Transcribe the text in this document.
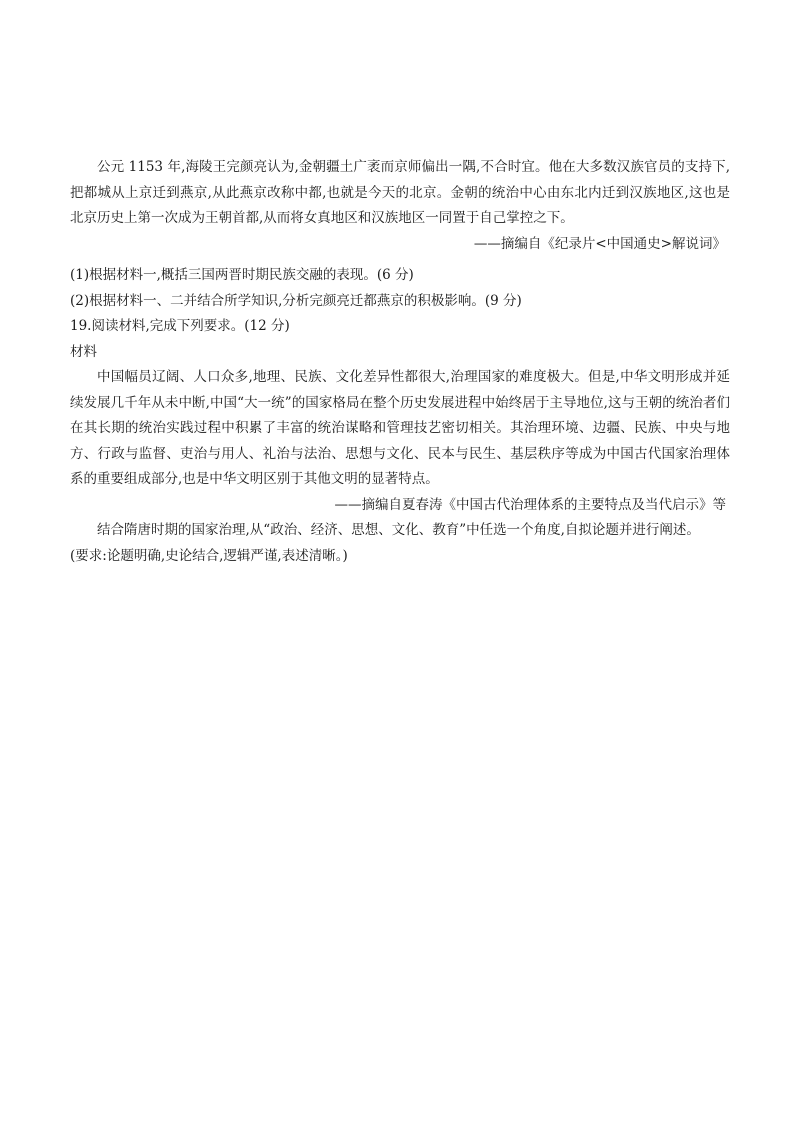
公元 1153 年,海陵王完颜亮认为,金朝疆土广袤而京师偏出一隅,不合时宜。他在大多数汉族官员的支持下,把都城从上京迁到燕京,从此燕京改称中都,也就是今天的北京。金朝的统治中心由东北内迁到汉族地区,这也是北京历史上第一次成为王朝首都,从而将女真地区和汉族地区一同置于自己掌控之下。

——摘编自《纪录片<中国通史>解说词》

(1)根据材料一,概括三国两晋时期民族交融的表现。(6 分)

(2)根据材料一、二并结合所学知识,分析完颜亮迁都燕京的积极影响。(9 分)

19.阅读材料,完成下列要求。(12 分)

材料

中国幅员辽阔、人口众多,地理、民族、文化差异性都很大,治理国家的难度极大。但是,中华文明形成并延续发展几千年从未中断,中国“大一统”的国家格局在整个历史发展进程中始终居于主导地位,这与王朝的统治者们在其长期的统治实践过程中积累了丰富的统治谋略和管理技艺密切相关。其治理环境、边疆、民族、中央与地方、行政与监督、吏治与用人、礼治与法治、思想与文化、民本与民生、基层秩序等成为中国古代国家治理体系的重要组成部分,也是中华文明区别于其他文明的显著特点。

——摘编自夏春涛《中国古代治理体系的主要特点及当代启示》等

结合隋唐时期的国家治理,从“政治、经济、思想、文化、教育”中任选一个角度,自拟论题并进行阐述。

(要求:论题明确,史论结合,逻辑严谨,表述清晰。)
